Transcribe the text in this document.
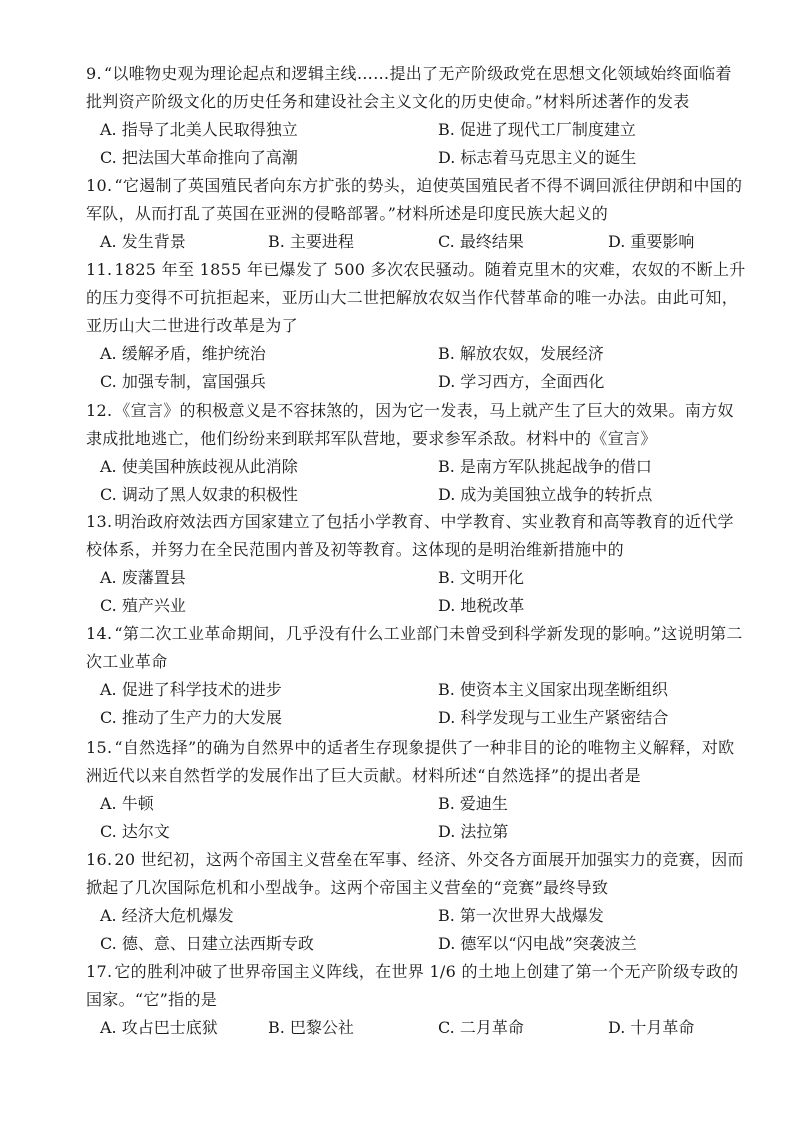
9. “以唯物史观为理论起点和逻辑主线……提出了无产阶级政党在思想文化领域始终面临着批判资产阶级文化的历史任务和建设社会主义文化的历史使命。”材料所述著作的发表

A. 指导了北美人民取得独立	B. 促进了现代工厂制度建立
C. 把法国大革命推向了高潮	D. 标志着马克思主义的诞生

10. “它遏制了英国殖民者向东方扩张的势头，迫使英国殖民者不得不调回派往伊朗和中国的军队，从而打乱了英国在亚洲的侵略部署。”材料所述是印度民族大起义的

A. 发生背景	B. 主要进程	C. 最终结果	D. 重要影响

11. 1825 年至 1855 年已爆发了 500 多次农民骚动。随着克里木的灾难，农奴的不断上升的压力变得不可抗拒起来，亚历山大二世把解放农奴当作代替革命的唯一办法。由此可知，亚历山大二世进行改革是为了

A. 缓解矛盾，维护统治	B. 解放农奴，发展经济
C. 加强专制，富国强兵	D. 学习西方，全面西化

12. 《宣言》的积极意义是不容抹煞的，因为它一发表，马上就产生了巨大的效果。南方奴隶成批地逃亡，他们纷纷来到联邦军队营地，要求参军杀敌。材料中的《宣言》

A. 使美国种族歧视从此消除	B. 是南方军队挑起战争的借口
C. 调动了黑人奴隶的积极性	D. 成为美国独立战争的转折点

13. 明治政府效法西方国家建立了包括小学教育、中学教育、实业教育和高等教育的近代学校体系，并努力在全民范围内普及初等教育。这体现的是明治维新措施中的

A. 废藩置县	B. 文明开化
C. 殖产兴业	D. 地税改革

14. “第二次工业革命期间，几乎没有什么工业部门未曾受到科学新发现的影响。”这说明第二次工业革命

A. 促进了科学技术的进步	B. 使资本主义国家出现垄断组织
C. 推动了生产力的大发展	D. 科学发现与工业生产紧密结合

15. “自然选择”的确为自然界中的适者生存现象提供了一种非目的论的唯物主义解释，对欧洲近代以来自然哲学的发展作出了巨大贡献。材料所述“自然选择”的提出者是

A. 牛顿	B. 爱迪生
C. 达尔文	D. 法拉第

16. 20 世纪初，这两个帝国主义营垒在军事、经济、外交各方面展开加强实力的竞赛，因而掀起了几次国际危机和小型战争。这两个帝国主义营垒的“竞赛”最终导致

A. 经济大危机爆发	B. 第一次世界大战爆发
C. 德、意、日建立法西斯专政	D. 德军以“闪电战”突袭波兰

17. 它的胜利冲破了世界帝国主义阵线，在世界 1/6 的土地上创建了第一个无产阶级专政的国家。“它”指的是

A. 攻占巴士底狱	B. 巴黎公社	C. 二月革命	D. 十月革命
